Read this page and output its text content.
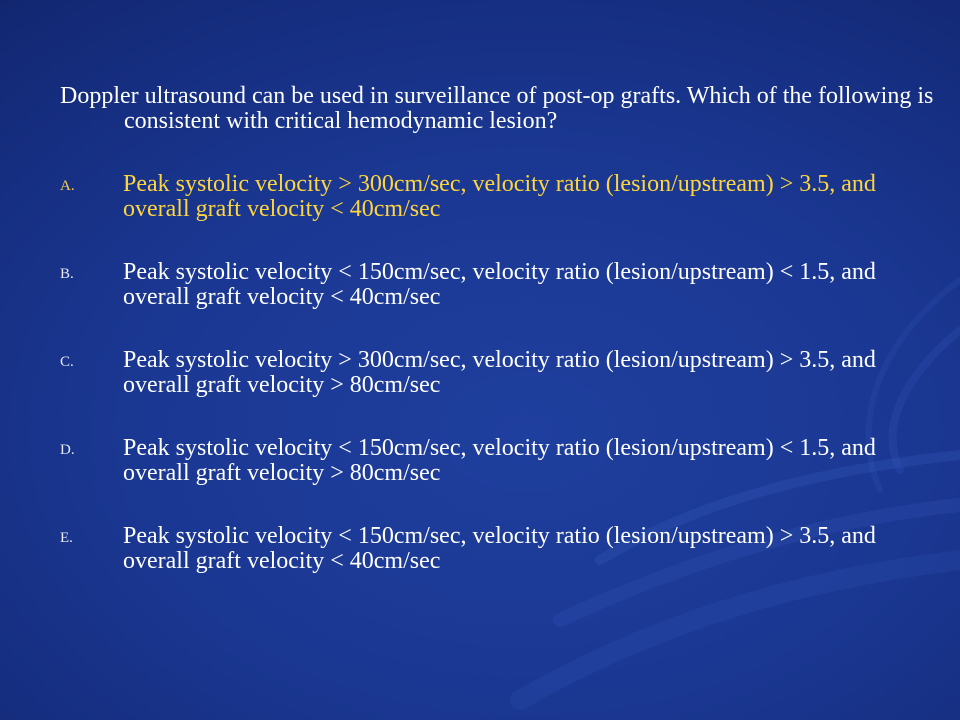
Doppler ultrasound can be used in surveillance of post-op grafts. Which of the following is consistent with critical hemodynamic lesion?

A. Peak systolic velocity > 300cm/sec, velocity ratio (lesion/upstream) > 3.5, and overall graft velocity < 40cm/sec
B. Peak systolic velocity < 150cm/sec, velocity ratio (lesion/upstream) < 1.5, and overall graft velocity < 40cm/sec
C. Peak systolic velocity > 300cm/sec, velocity ratio (lesion/upstream) > 3.5, and overall graft velocity > 80cm/sec
D. Peak systolic velocity < 150cm/sec, velocity ratio (lesion/upstream) < 1.5, and overall graft velocity > 80cm/sec
E. Peak systolic velocity < 150cm/sec, velocity ratio (lesion/upstream) > 3.5, and overall graft velocity < 40cm/sec
